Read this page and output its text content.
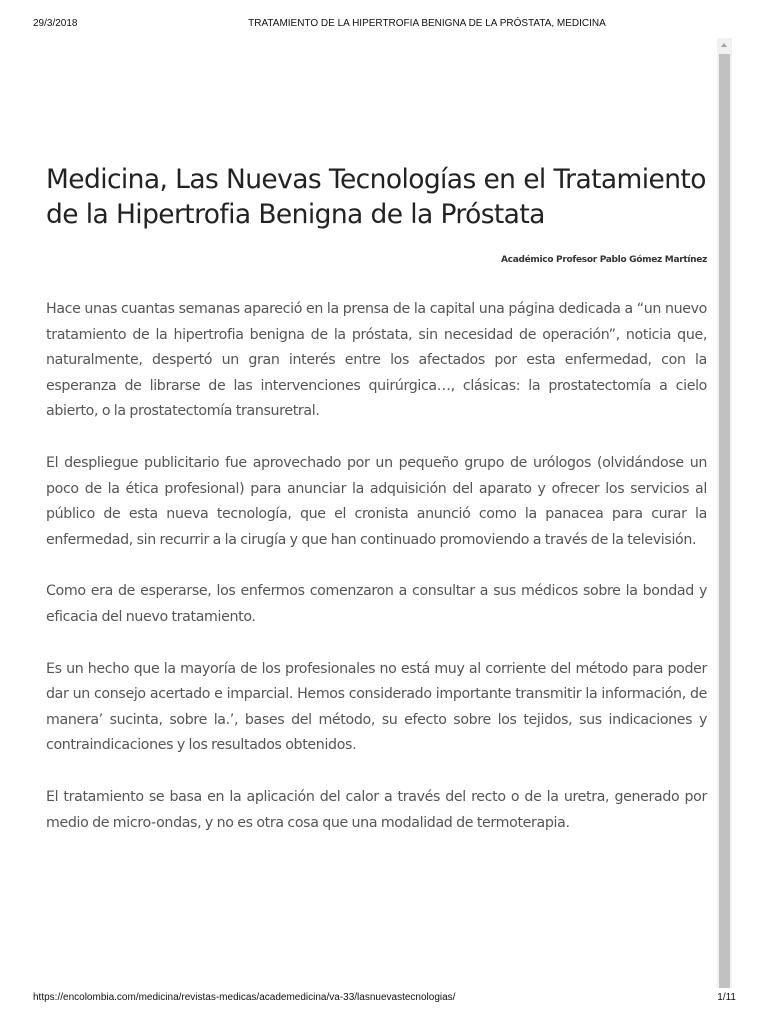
29/3/2018	TRATAMIENTO DE LA HIPERTROFIA BENIGNA DE LA PRÓSTATA, MEDICINA
Medicina, Las Nuevas Tecnologías en el Tratamiento de la Hipertrofia Benigna de la Próstata
Académico Profesor Pablo Gómez Martínez

Hace unas cuantas semanas apareció en la prensa de la capital una página dedicada a “un nuevo tratamiento de la hipertrofia benigna de la próstata, sin necesidad de operación”, noticia que, naturalmente, despertó un gran interés entre los afectados por esta enfermedad, con la esperanza de librarse de las intervenciones quirúrgica…, clásicas: la prostatectomía a cielo abierto, o la prostatectomía transuretral.

El despliegue publicitario fue aprovechado por un pequeño grupo de urólogos (olvidándose un poco de la ética profesional) para anunciar la adquisición del aparato y ofrecer los servicios al público de esta nueva tecnología, que el cronista anunció como la panacea para curar la enfermedad, sin recurrir a la cirugía y que han continuado promoviendo a través de la televisión.

Como era de esperarse, los enfermos comenzaron a consultar a sus médicos sobre la bondad y eficacia del nuevo tratamiento.

Es un hecho que la mayoría de los profesionales no está muy al corriente del método para poder dar un consejo acertado e imparcial. Hemos considerado importante transmitir la información, de manera’ sucinta, sobre la.’, bases del método, su efecto sobre los tejidos, sus indicaciones y contraindicaciones y los resultados obtenidos.

El tratamiento se basa en la aplicación del calor a través del recto o de la uretra, generado por medio de micro-ondas, y no es otra cosa que una modalidad de termoterapia.

https://encolombia.com/medicina/revistas-medicas/academedicina/va-33/lasnuevastecnologias/	1/11
